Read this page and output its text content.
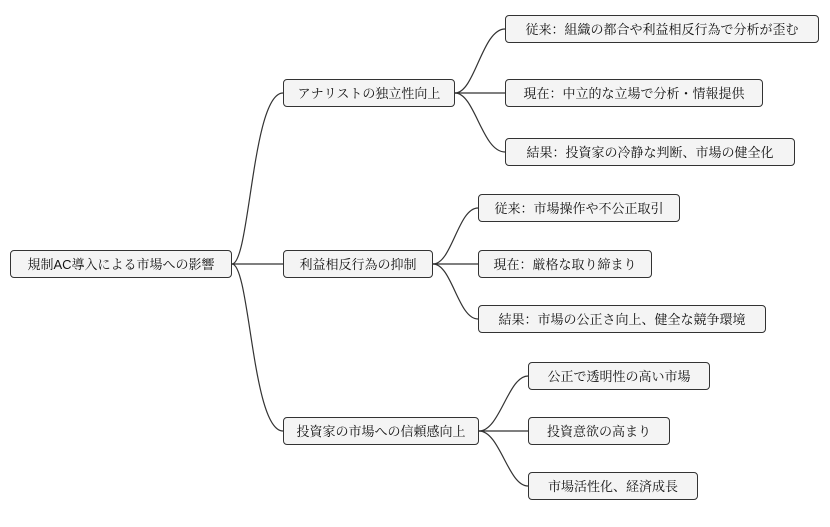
規制AC導入による市場への影響
アナリストの独立性向上
従来：組織の都合や利益相反行為で分析が歪む
現在：中立的な立場で分析・情報提供
結果：投資家の冷静な判断、市場の健全化
利益相反行為の抑制
従来：市場操作や不公正取引
現在：厳格な取り締まり
結果：市場の公正さ向上、健全な競争環境
投資家の市場への信頼感向上
公正で透明性の高い市場
投資意欲の高まり
市場活性化、経済成長
